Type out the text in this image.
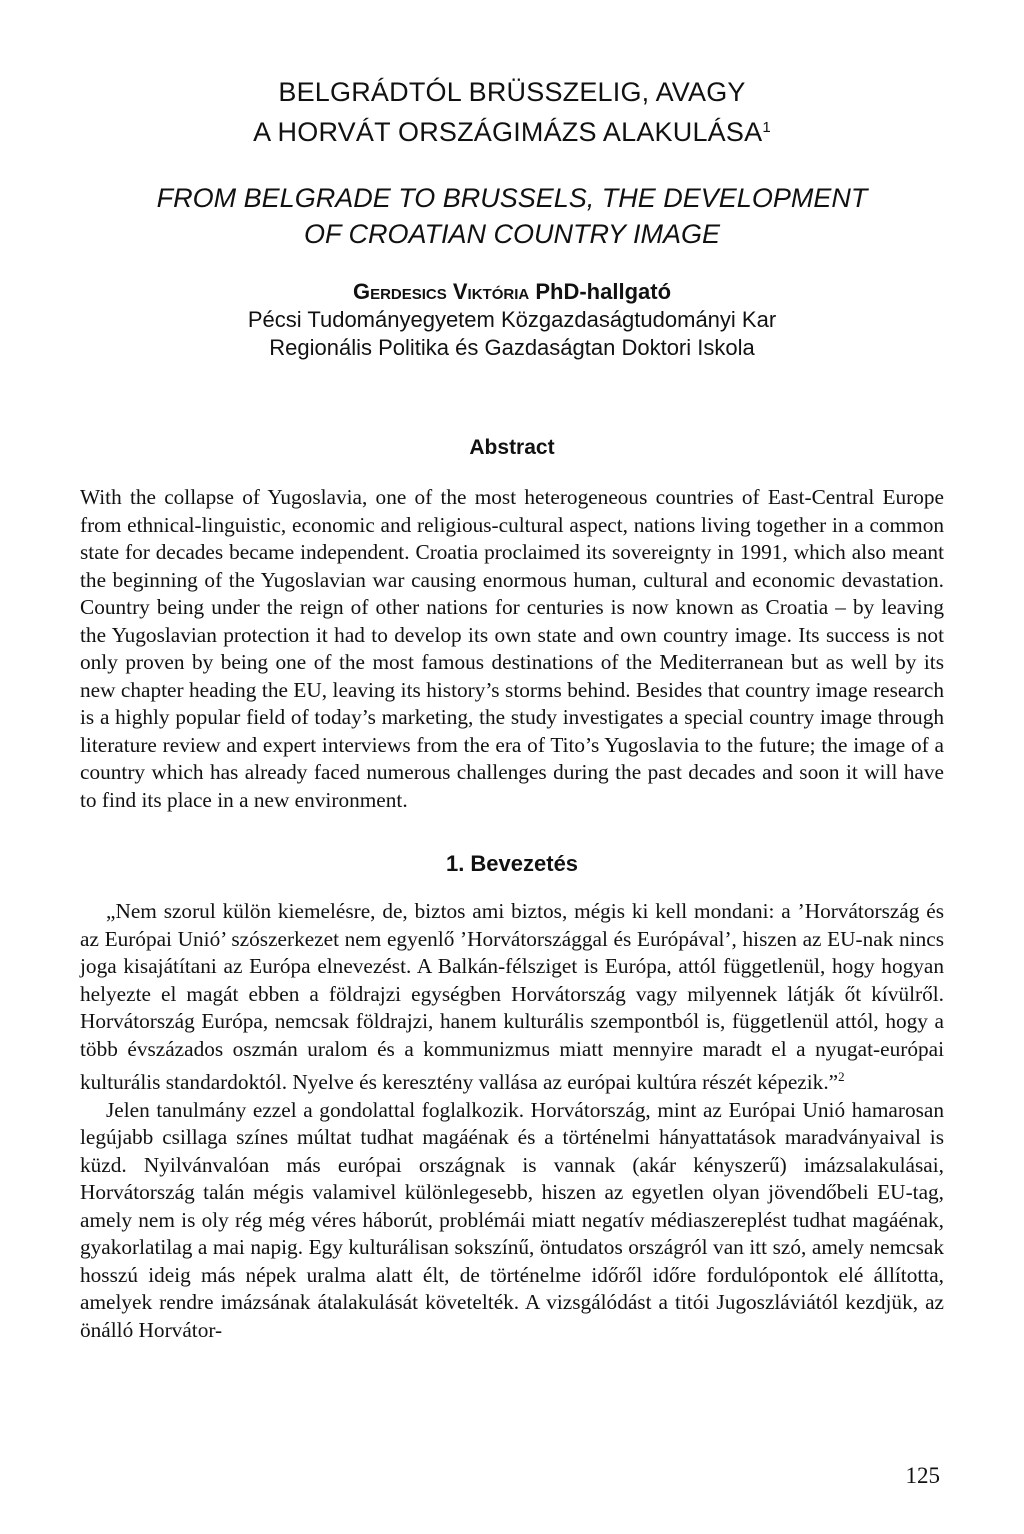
BELGRÁDTÓL BRÜSSZELIG, AVAGY
A HORVÁT ORSZÁGIMÁZS ALAKULÁSA$^1$
FROM BELGRADE TO BRUSSELS, THE DEVELOPMENT
OF CROATIAN COUNTRY IMAGE
Gerdesics Viktória PhD-hallgató
Pécsi Tudományegyetem Közgazdaságtudományi Kar
Regionális Politika és Gazdaságtan Doktori Iskola
Abstract
With the collapse of Yugoslavia, one of the most heterogeneous countries of East-Central Europe from ethnical-linguistic, economic and religious-cultural aspect, nations living together in a common state for decades became independent. Croatia proclaimed its sovereignty in 1991, which also meant the beginning of the Yugoslavian war causing enormous human, cultural and economic devastation. Country being under the reign of other nations for centuries is now known as Croatia – by leaving the Yugoslavian protection it had to develop its own state and own country image. Its success is not only proven by being one of the most famous destinations of the Mediterranean but as well by its new chapter heading the EU, leaving its history’s storms behind. Besides that country image research is a highly popular field of today’s marketing, the study investigates a special country image through literature review and expert interviews from the era of Tito’s Yugoslavia to the future; the image of a country which has already faced numerous challenges during the past decades and soon it will have to find its place in a new environment.
1. Bevezetés

„Nem szorul külön kiemelésre, de, biztos ami biztos, mégis ki kell mondani: a ’Horvátország és az Európai Unió’ szószerkezet nem egyenlő ’Horvátországgal és Európával’, hiszen az EU-nak nincs joga kisajátítani az Európa elnevezést. A Balkán-félsziget is Európa, attól függetlenül, hogy hogyan helyezte el magát ebben a földrajzi egységben Horvátország vagy milyennek látják őt kívülről. Horvátország Európa, nemcsak földrajzi, hanem kulturális szempontból is, függetlenül attól, hogy a több évszázados oszmán uralom és a kommunizmus miatt mennyire maradt el a nyugat-európai kulturális standardoktól. Nyelve és keresztény vallása az európai kultúra részét képezik.”$^2$

Jelen tanulmány ezzel a gondolattal foglalkozik. Horvátország, mint az Európai Unió hamarosan legújabb csillaga színes múltat tudhat magáénak és a történelmi hányattatások maradványaival is küzd. Nyilvánvalóan más európai országnak is vannak (akár kényszerű) imázsalakulásai, Horvátország talán mégis valamivel különlegesebb, hiszen az egyetlen olyan jövendőbeli EU-tag, amely nem is oly rég még véres háborút, problémái miatt negatív médiaszereplést tudhat magáénak, gyakorlatilag a mai napig. Egy kulturálisan sokszínű, öntudatos országról van itt szó, amely nemcsak hosszú ideig más népek uralma alatt élt, de történelme időről időre fordulópontok elé állította, amelyek rendre imázsának átalakulását követelték. A vizsgálódást a titói Jugoszláviától kezdjük, az önálló Horvátor-

125
